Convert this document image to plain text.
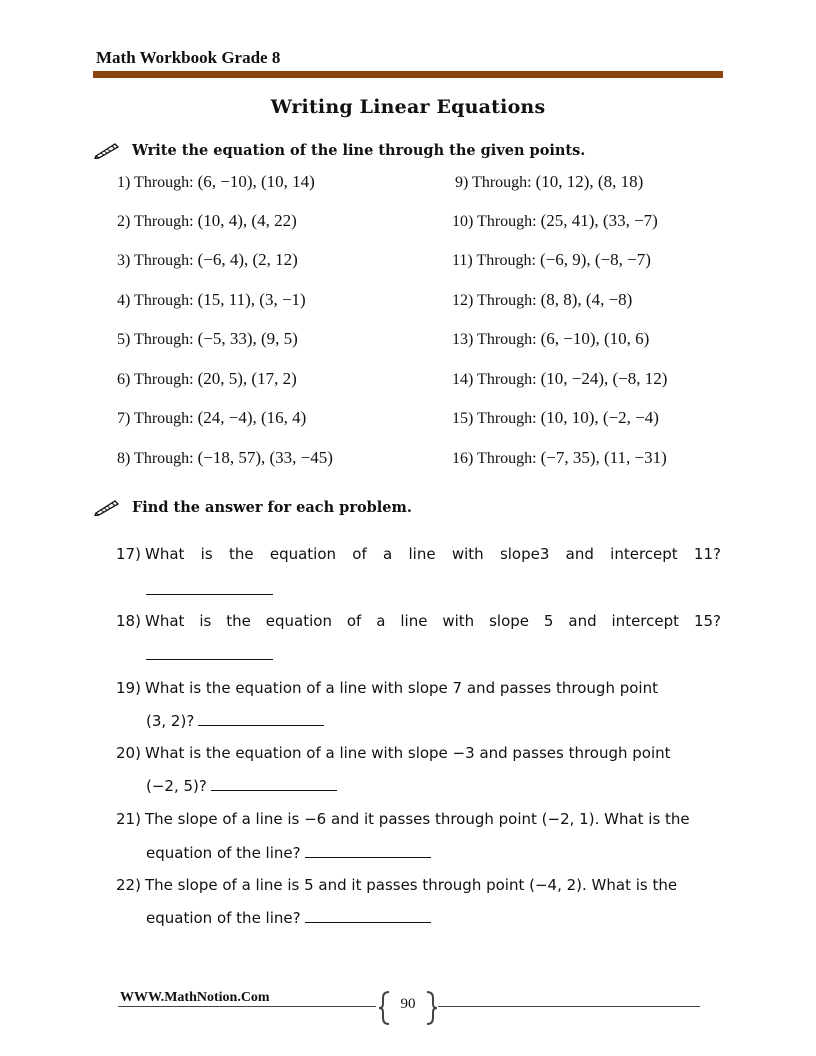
Math Workbook Grade 8
Writing Linear Equations
Write the equation of the line through the given points.
1) Through: (6, −10), (10, 14)
2) Through: (10, 4), (4, 22)
3) Through: (−6, 4), (2, 12)
4) Through: (15, 11), (3, −1)
5) Through: (−5, 33), (9, 5)
6) Through: (20, 5), (17, 2)
7) Through: (24, −4), (16, 4)
8) Through: (−18, 57), (33, −45)
9) Through: (10, 12), (8, 18)
10) Through: (25, 41), (33, −7)
11) Through: (−6, 9), (−8, −7)
12) Through: (8, 8), (4, −8)
13) Through: (6, −10), (10, 6)
14) Through: (10, −24), (−8, 12)
15) Through: (10, 10), (−2, −4)
16) Through: (−7, 35), (11, −31)
Find the answer for each problem.
17) What is the equation of a line with slope3 and intercept 11?
18) What is the equation of a line with slope 5 and intercept 15?
19) What is the equation of a line with slope 7 and passes through point
(3, 2)?
20) What is the equation of a line with slope −3 and passes through point
(−2, 5)?
21) The slope of a line is −6 and it passes through point (−2, 1). What is the
equation of the line?
22) The slope of a line is 5 and it passes through point (−4, 2). What is the
equation of the line?
WWW.MathNotion.Com	90
